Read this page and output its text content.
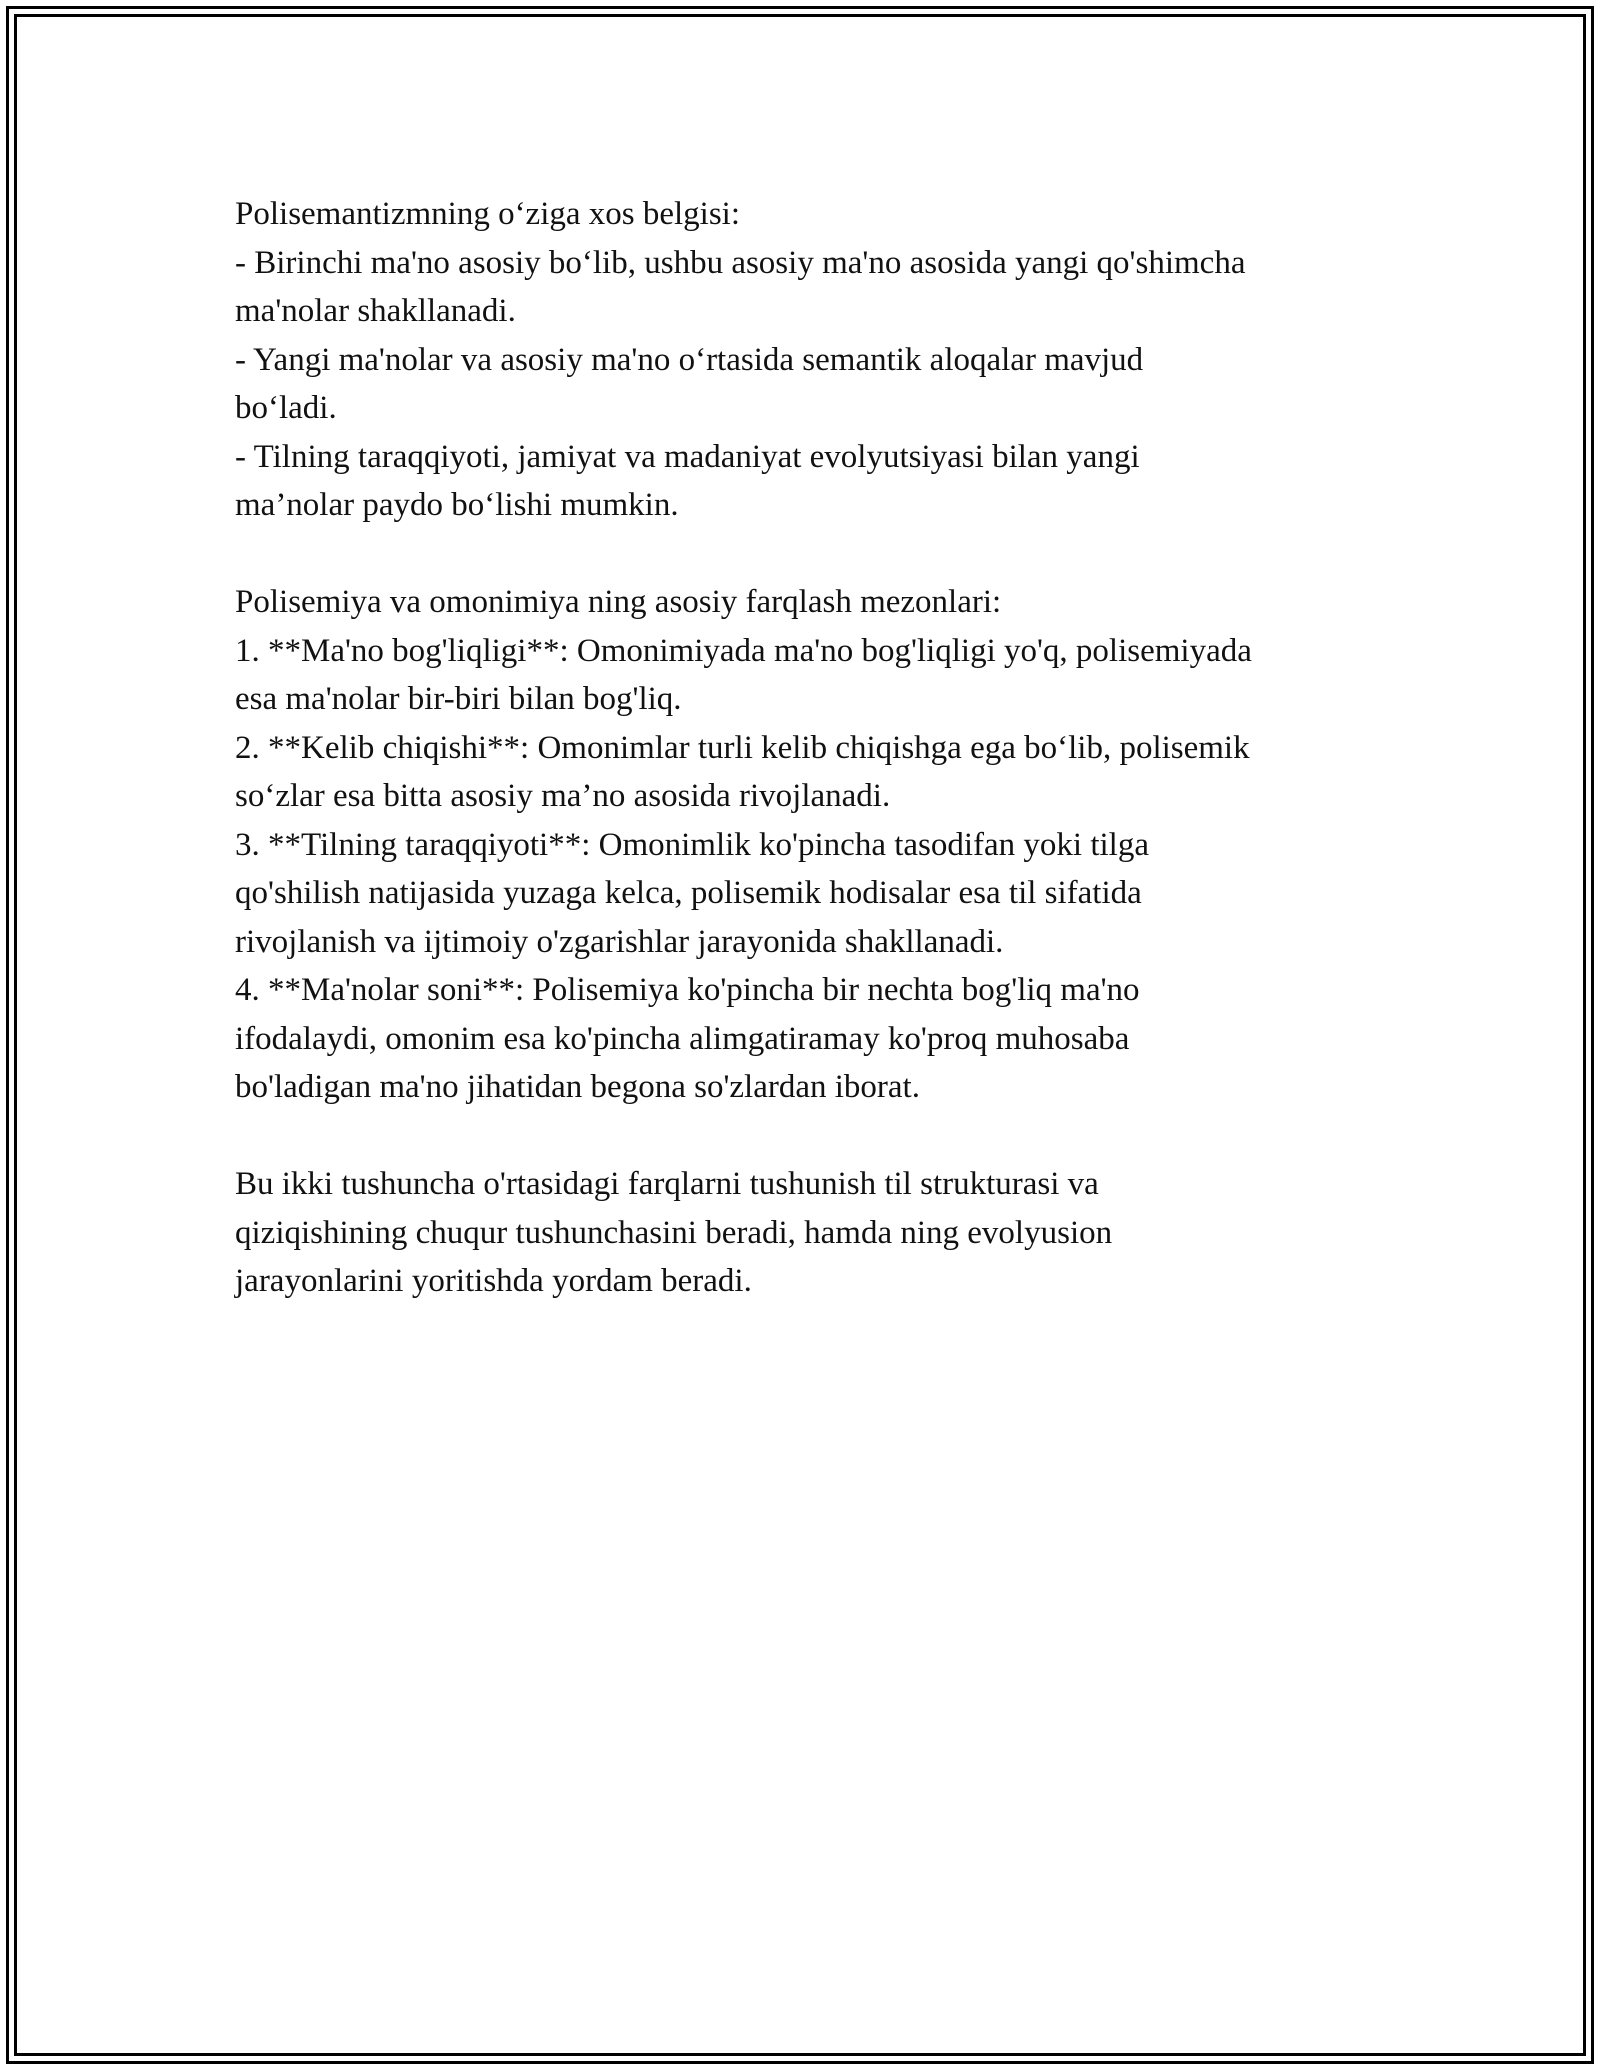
Polisemantizmning o‘ziga xos belgisi:

- Birinchi ma'no asosiy bo‘lib, ushbu asosiy ma'no asosida yangi qo'shimcha

ma'nolar shakllanadi.

- Yangi ma'nolar va asosiy ma'no o‘rtasida semantik aloqalar mavjud

bo‘ladi.

- Tilning taraqqiyoti, jamiyat va madaniyat evolyutsiyasi bilan yangi

ma’nolar paydo bo‘lishi mumkin.

Polisemiya va omonimiya ning asosiy farqlash mezonlari:

1. **Ma'no bog'liqligi**: Omonimiyada ma'no bog'liqligi yo'q, polisemiyada

esa ma'nolar bir-biri bilan bog'liq.

2. **Kelib chiqishi**: Omonimlar turli kelib chiqishga ega bo‘lib, polisemik

so‘zlar esa bitta asosiy ma’no asosida rivojlanadi.

3. **Tilning taraqqiyoti**: Omonimlik ko'pincha tasodifan yoki tilga

qo'shilish natijasida yuzaga kelca, polisemik hodisalar esa til sifatida

rivojlanish va ijtimoiy o'zgarishlar jarayonida shakllanadi.

4. **Ma'nolar soni**: Polisemiya ko'pincha bir nechta bog'liq ma'no

ifodalaydi, omonim esa ko'pincha alimgatiramay ko'proq muhosaba

bo'ladigan ma'no jihatidan begona so'zlardan iborat.

Bu ikki tushuncha o'rtasidagi farqlarni tushunish til strukturasi va

qiziqishining chuqur tushunchasini beradi, hamda ning evolyusion

jarayonlarini yoritishda yordam beradi.
